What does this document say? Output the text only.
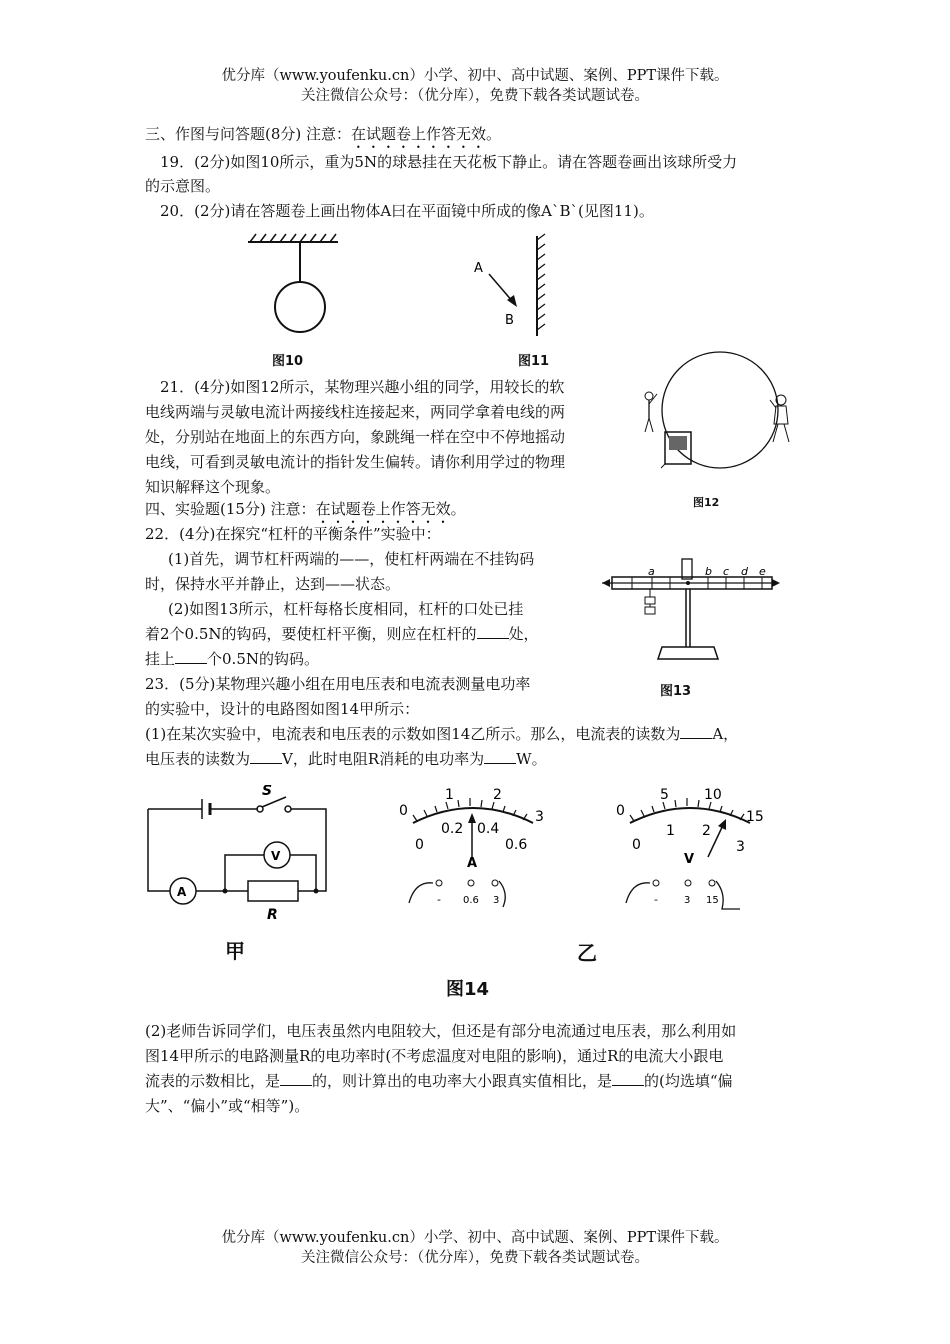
优分库（www.youfenku.cn）小学、初中、高中试题、案例、PPT课件下载。
关注微信公众号：（优分库），免费下载各类试题试卷。
三、作图与问答题(8分) 注意：在试题卷上作答无效。
19．(2分)如图10所示，重为5N的球悬挂在天花板下静止。请在答题卷画出该球所受力
的示意图。
20．(2分)请在答题卷上画出物体A曰在平面镜中所成的像A`B`(见图11)。
图10
A
B
图11
21．(4分)如图12所示，某物理兴趣小组的同学，用较长的软
电线两端与灵敏电流计两接线柱连接起来，两同学拿着电线的两
处，分别站在地面上的东西方向，象跳绳一样在空中不停地摇动
电线，可看到灵敏电流计的指针发生偏转。请你利用学过的物理
知识解释这个现象。
图12
四、实验题(15分) 注意：在试题卷上作答无效。
22．(4分)在探究“杠杆的平衡条件”实验中：
(1)首先，调节杠杆两端的——，使杠杆两端在不挂钩码
时，保持水平并静止，达到——状态。
(2)如图13所示，杠杆每格长度相同，杠杆的口处已挂
着2个0.5N的钩码，要使杠杆平衡，则应在杠杆的 处，
挂上 个0.5N的钩码。
a	b c d e
图13
23．(5分)某物理兴趣小组在用电压表和电流表测量电功率
的实验中，设计的电路图如图14甲所示：
(1)在某次实验中，电流表和电压表的示数如图14乙所示。那么，电流表的读数为 A，
电压表的读数为 V，此时电阻R消耗的电功率为 W。
A
V
S
R
甲
0
1	2
3
0
0.2 0.4
0.6
A
- 0.6 3
0
5	10
15
0
1 2
3
V
-	3 15
乙
图14
(2)老师告诉同学们，电压表虽然内电阻较大，但还是有部分电流通过电压表，那么利用如
图14甲所示的电路测量R的电功率时(不考虑温度对电阻的影响)，通过R的电流大小跟电
流表的示数相比，是 的，则计算出的电功率大小跟真实值相比，是 的(均选填“偏
大”、“偏小”或“相等”)。
优分库（www.youfenku.cn）小学、初中、高中试题、案例、PPT课件下载。
关注微信公众号：（优分库），免费下载各类试题试卷。
